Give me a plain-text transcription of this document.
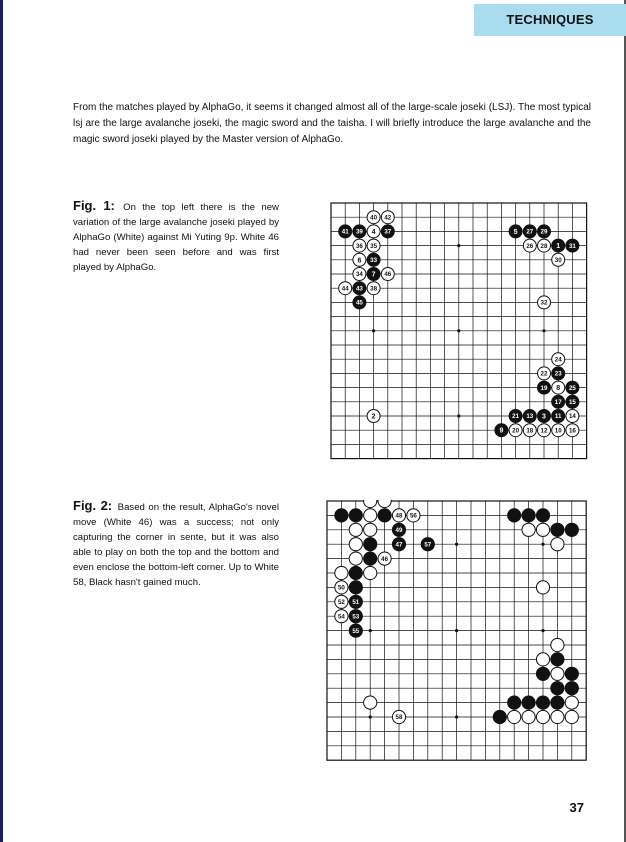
TECHNIQUES

From the matches played by AlphaGo, it seems it changed almost all of the large-scale joseki (LSJ). The most typical lsj are the large avalanche joseki, the magic sword and the taisha. I will briefly introduce the large avalanche and the magic sword joseki played by the Master version of AlphaGo.

Fig. 1: On the top left there is the new variation of the large avalanche joseki played by AlphaGo (White) against Mi Yuting 9p. White 46 had never been seen before and was first played by AlphaGo.
40 42
41 39 4 37
36 35
6 33
34 7 46
44 43 38
45
5 27 29
26 28 1 31
30
32
24
22 23
19 8 25
17 15
2	21 13 3 11 14
9 20 18 12 10 16
Fig. 2: Based on the result, AlphaGo's novel move (White 46) was a success; not only capturing the corner in sente, but it was also able to play on both the top and the bottom and even enclose the bottom-left corner. Up to White 58, Black hasn't gained much.
48 56
49
47	57
46
50
52 51
54 53
55
58
37
